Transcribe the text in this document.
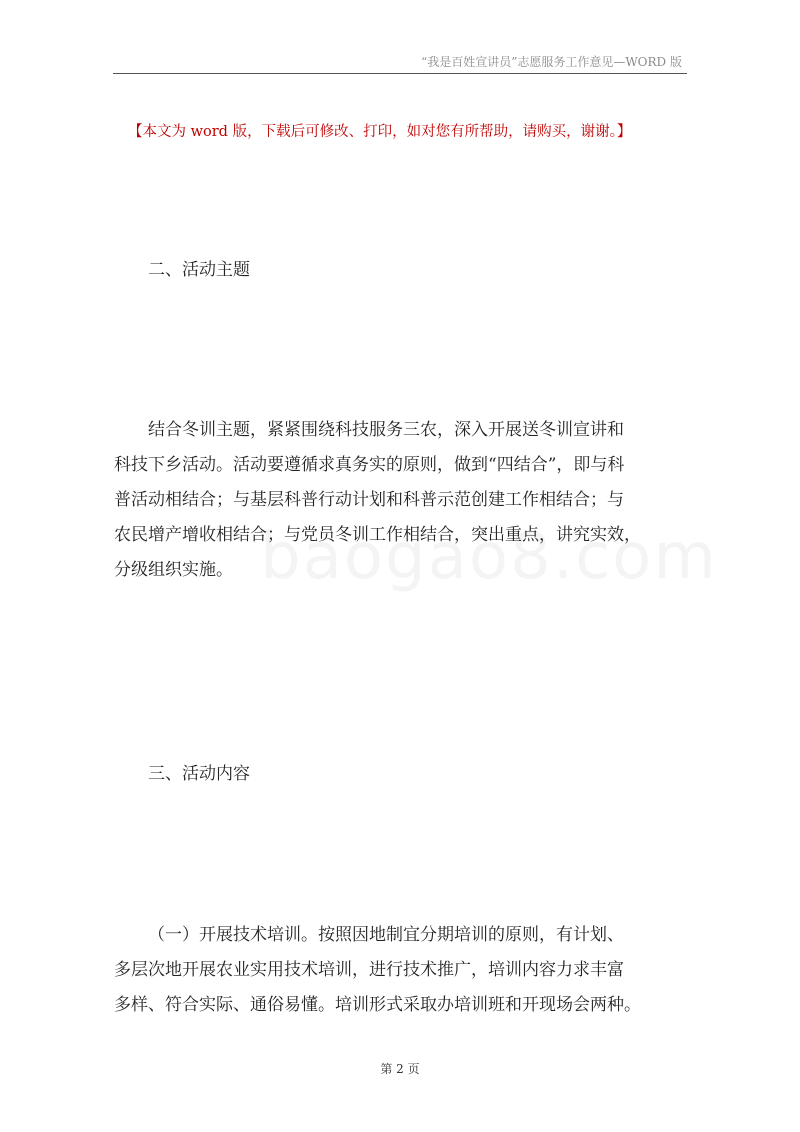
“我是百姓宣讲员”志愿服务工作意见—WORD 版
【本文为 word 版，下载后可修改、打印，如对您有所帮助，请购买，谢谢。】
二、活动主题

结合冬训主题，紧紧围绕科技服务三农，深入开展送冬训宣讲和
科技下乡活动。活动要遵循求真务实的原则，做到“四结合”，即与科
普活动相结合；与基层科普行动计划和科普示范创建工作相结合；与
农民增产增收相结合；与党员冬训工作相结合，突出重点，讲究实效，
分级组织实施。

三、活动内容

（一）开展技术培训。按照因地制宜分期培训的原则，有计划、
多层次地开展农业实用技术培训，进行技术推广，培训内容力求丰富
多样、符合实际、通俗易懂。培训形式采取办培训班和开现场会两种。

第 2 页
